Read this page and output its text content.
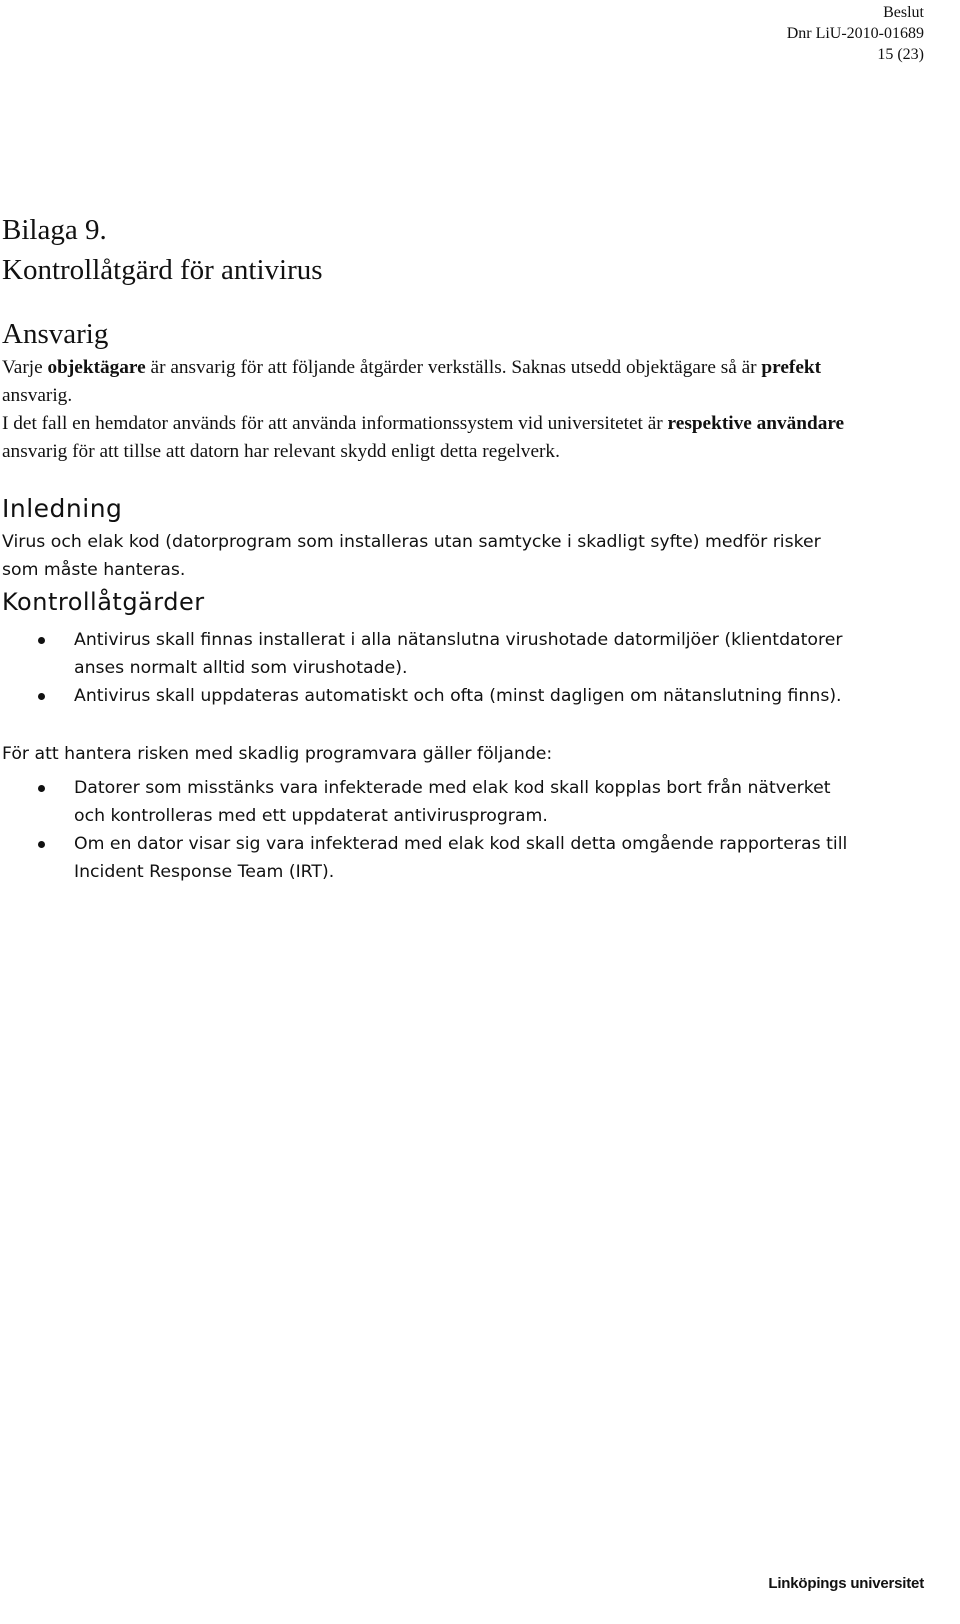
Beslut
Dnr LiU-2010-01689
15 (23)
Bilaga 9.
Kontrollåtgärd för antivirus
Ansvarig

Varje objektägare är ansvarig för att följande åtgärder verkställs. Saknas utsedd objektägare så är prefekt ansvarig.

I det fall en hemdator används för att använda informationssystem vid universitetet är respektive användare ansvarig för att tillse att datorn har relevant skydd enligt detta regelverk.

Inledning

Virus och elak kod (datorprogram som installeras utan samtycke i skadligt syfte) medför risker som måste hanteras.

Kontrollåtgärder
Antivirus skall finnas installerat i alla nätanslutna virushotade datormiljöer (klientdatorer anses normalt alltid som virushotade).
Antivirus skall uppdateras automatiskt och ofta (minst dagligen om nätanslutning finns).

För att hantera risken med skadlig programvara gäller följande:

Datorer som misstänks vara infekterade med elak kod skall kopplas bort från nätverket och kontrolleras med ett uppdaterat antivirusprogram.
Om en dator visar sig vara infekterad med elak kod skall detta omgående rapporteras till Incident Response Team (IRT).
Linköpings universitet
